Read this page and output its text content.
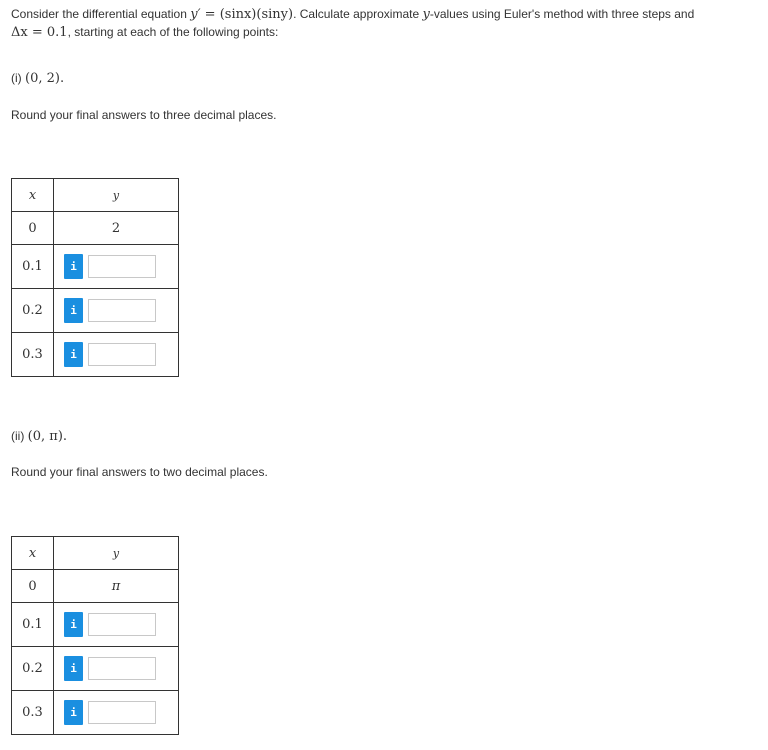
Consider the differential equation y′ = (sinx)(siny). Calculate approximate y-values using Euler's method with three steps and
Δx = 0.1, starting at each of the following points:
(i) (0, 2).
Round your final answers to three decimal places.
x	y
0	2
0.1	i

0.2	i

0.3	i
(ii) (0, π).
Round your final answers to two decimal places.
x	y
0	π
0.1	i

0.2	i

0.3	i
